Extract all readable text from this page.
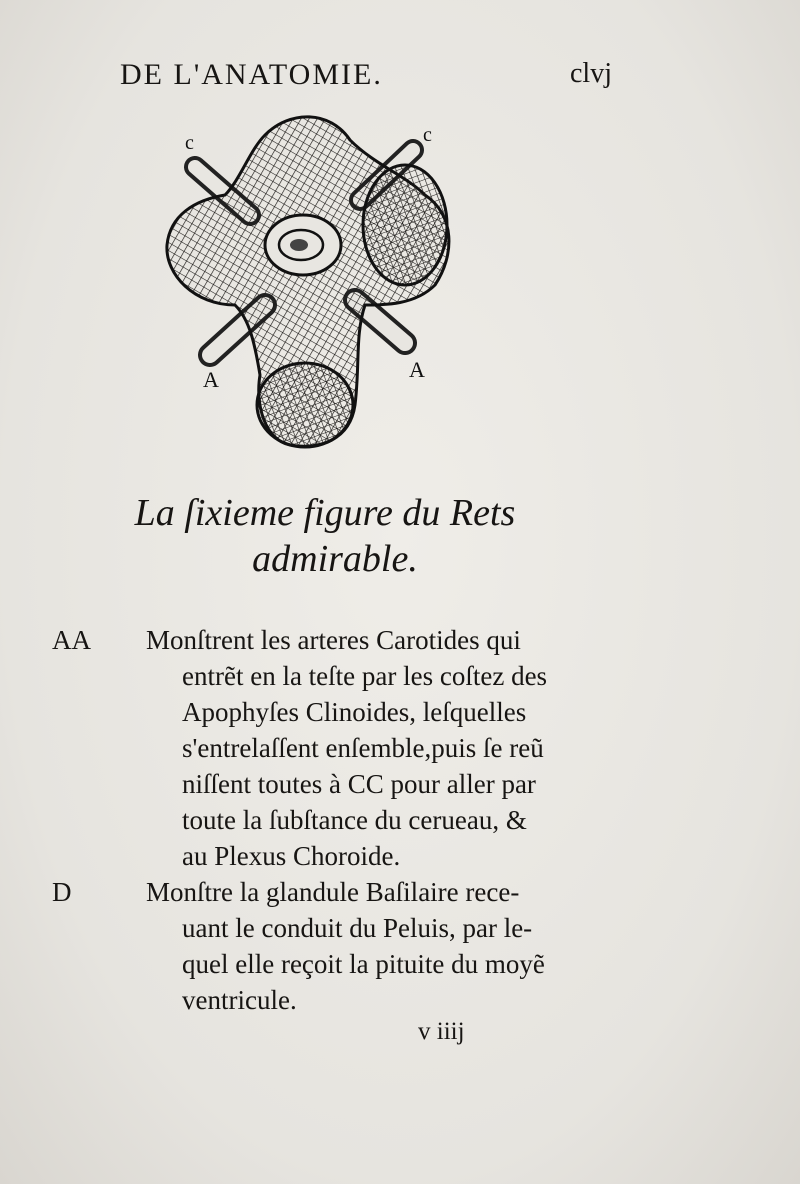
DE L'ANATOMIE.	clvj
c	c
A	A
La ſixieme figure du Rets
admirable.
AA Monſtrent les arteres Carotides qui
entrẽt en la teſte par les coſtez des
Apophyſes Clinoides, leſquelles
s'entrelaſſent enſemble,puis ſe reũ
niſſent toutes à CC pour aller par
toute la ſubſtance du cerueau, &
au Plexus Choroide.
D	Monſtre la glandule Baſilaire rece-
uant le conduit du Peluis, par le-
quel elle reçoit la pituite du moyẽ
ventricule.
v iiij
